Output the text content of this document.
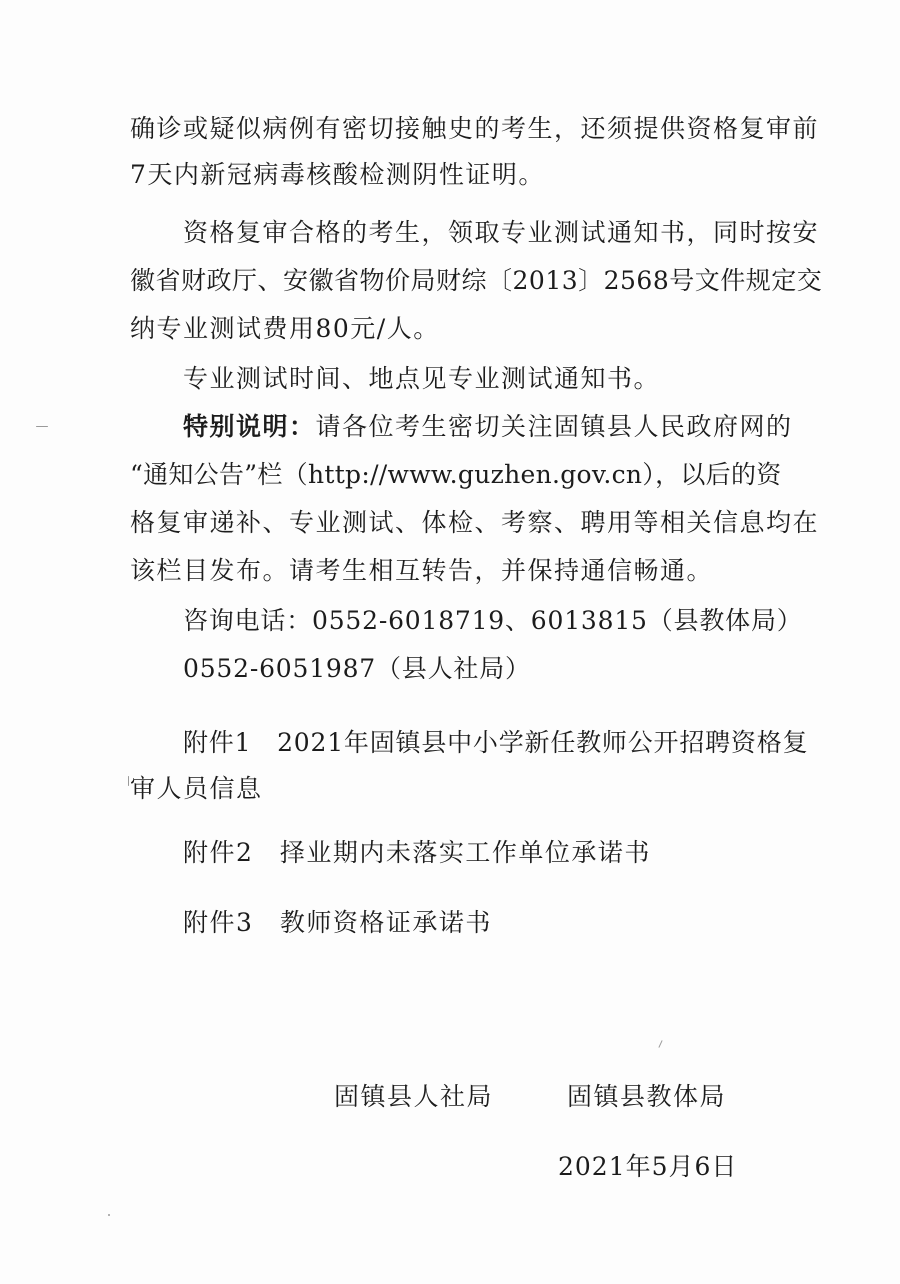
确诊或疑似病例有密切接触史的考生，还须提供资格复审前
7天内新冠病毒核酸检测阴性证明。
资格复审合格的考生，领取专业测试通知书，同时按安
徽省财政厅、安徽省物价局财综〔2013〕2568号文件规定交
纳专业测试费用80元/人。
专业测试时间、地点见专业测试通知书。
特别说明：请各位考生密切关注固镇县人民政府网的
“通知公告”栏（http://www.guzhen.gov.cn），以后的资
格复审递补、专业测试、体检、考察、聘用等相关信息均在
该栏目发布。请考生相互转告，并保持通信畅通。
咨询电话：0552-6018719、6013815（县教体局）
0552-6051987（县人社局）
附件1　2021年固镇县中小学新任教师公开招聘资格复
审人员信息
附件2　择业期内未落实工作单位承诺书
附件3　教师资格证承诺书
固镇县人社局	固镇县教体局
2021年5月6日
